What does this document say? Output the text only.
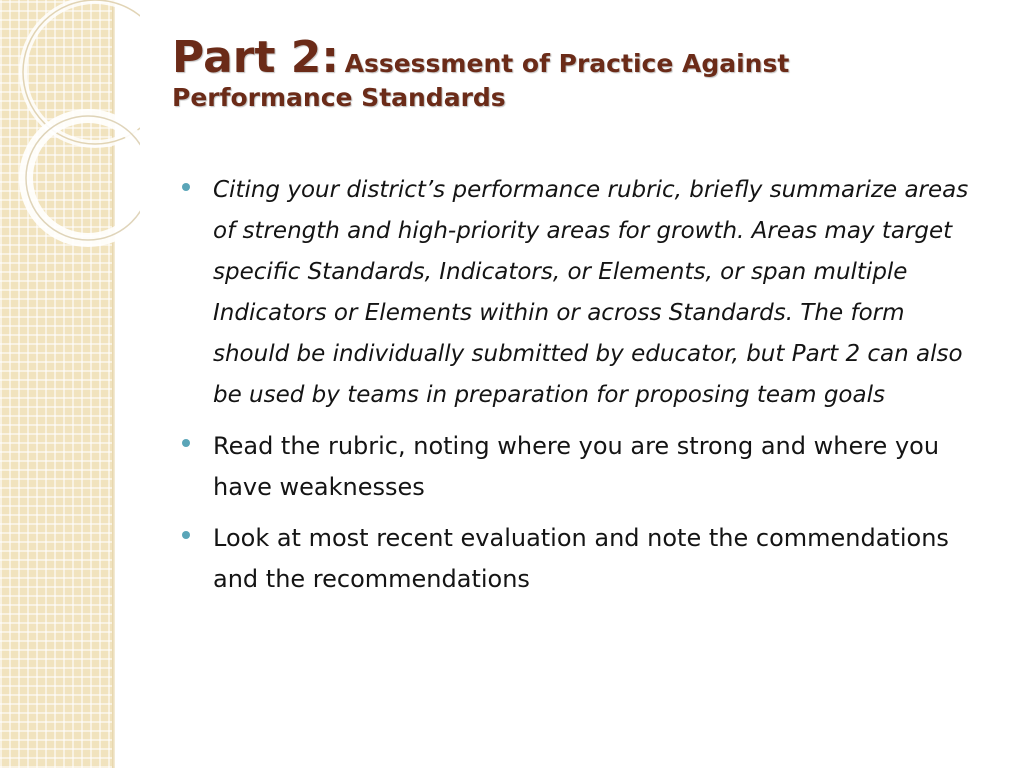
Part 2: Assessment of Practice Against
Performance Standards
Citing your district’s performance rubric, briefly summarize areas of strength and high-priority areas for growth. Areas may target specific Standards, Indicators, or Elements, or span multiple Indicators or Elements within or across Standards. The form should be individually submitted by educator, but Part 2 can also be used by teams in preparation for proposing team goals
Read the rubric, noting where you are strong and where you have weaknesses
Look at most recent evaluation and note the commendations and the recommendations
